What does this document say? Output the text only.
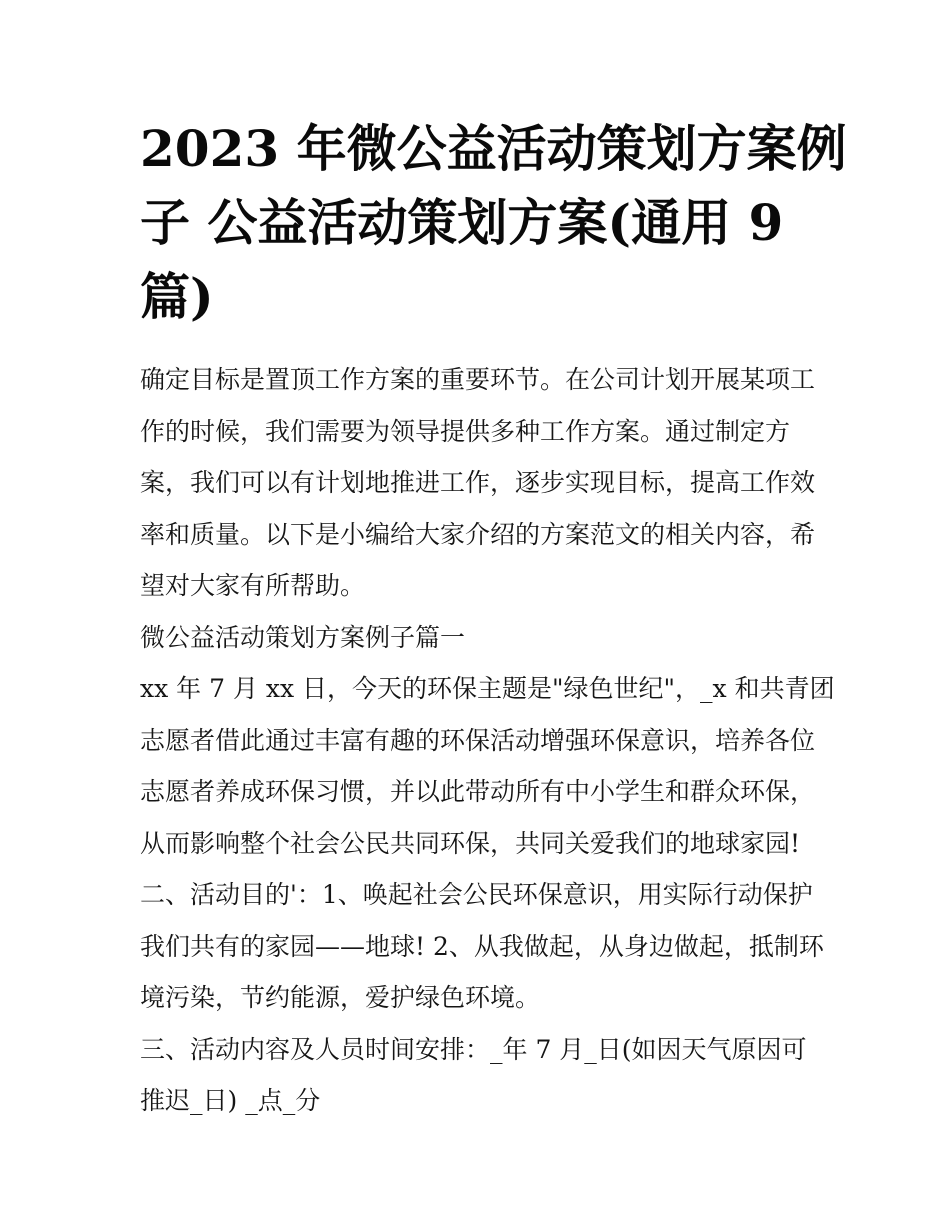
2023 年微公益活动策划方案例
子 公益活动策划方案(通用 9
篇)

确定目标是置顶工作方案的重要环节。在公司计划开展某项工
作的时候，我们需要为领导提供多种工作方案。通过制定方
案，我们可以有计划地推进工作，逐步实现目标，提高工作效
率和质量。以下是小编给大家介绍的方案范文的相关内容，希
望对大家有所帮助。

微公益活动策划方案例子篇一

xx 年 7 月 xx 日，今天的环保主题是"绿色世纪"，_x 和共青团
志愿者借此通过丰富有趣的环保活动增强环保意识，培养各位
志愿者养成环保习惯，并以此带动所有中小学生和群众环保，
从而影响整个社会公民共同环保，共同关爱我们的地球家园!

二、活动目的'：1、唤起社会公民环保意识，用实际行动保护
我们共有的家园——地球! 2、从我做起，从身边做起，抵制环
境污染，节约能源，爱护绿色环境。

三、活动内容及人员时间安排：_年 7 月_日(如因天气原因可
推迟_日) _点_分
